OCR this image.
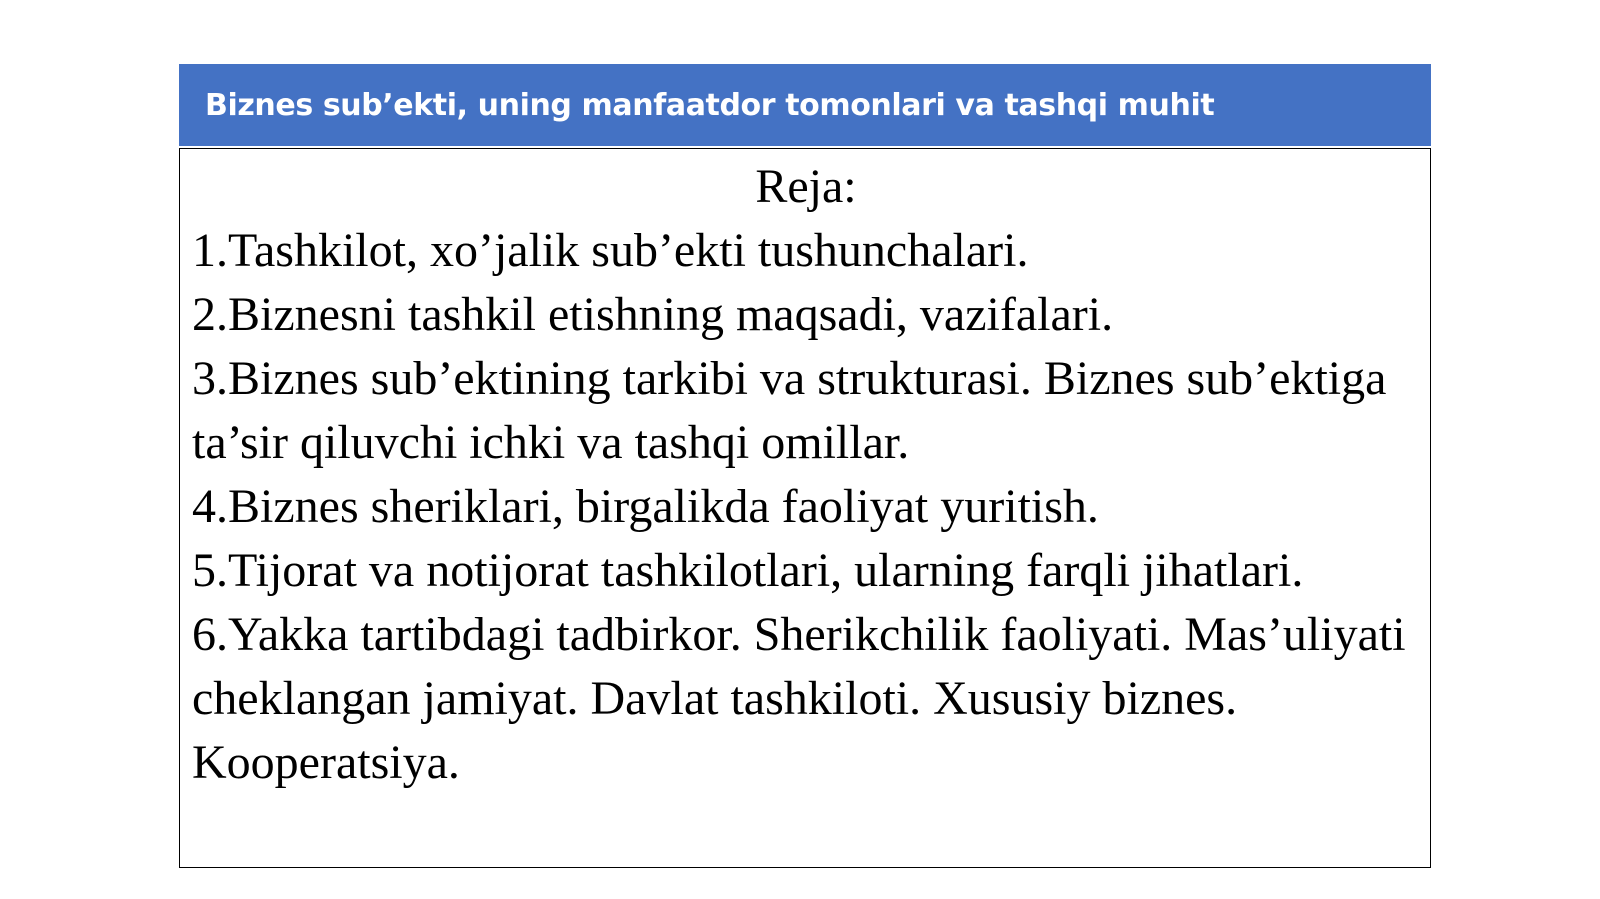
Biznes sub’ekti, uning manfaatdor tomonlari va tashqi muhit
Reja:
1.Tashkilot, xo’jalik sub’ekti tushunchalari.
2.Biznesni tashkil etishning maqsadi, vazifalari.
3.Biznes sub’ektining tarkibi va strukturasi. Biznes sub’ektiga ta’sir qiluvchi ichki va tashqi omillar.
4.Biznes sheriklari, birgalikda faoliyat yuritish.
5.Tijorat va notijorat tashkilotlari, ularning farqli jihatlari.
6.Yakka tartibdagi tadbirkor. Sherikchilik faoliyati. Mas’uliyati cheklangan jamiyat. Davlat tashkiloti. Xususiy biznes. Kooperatsiya.
